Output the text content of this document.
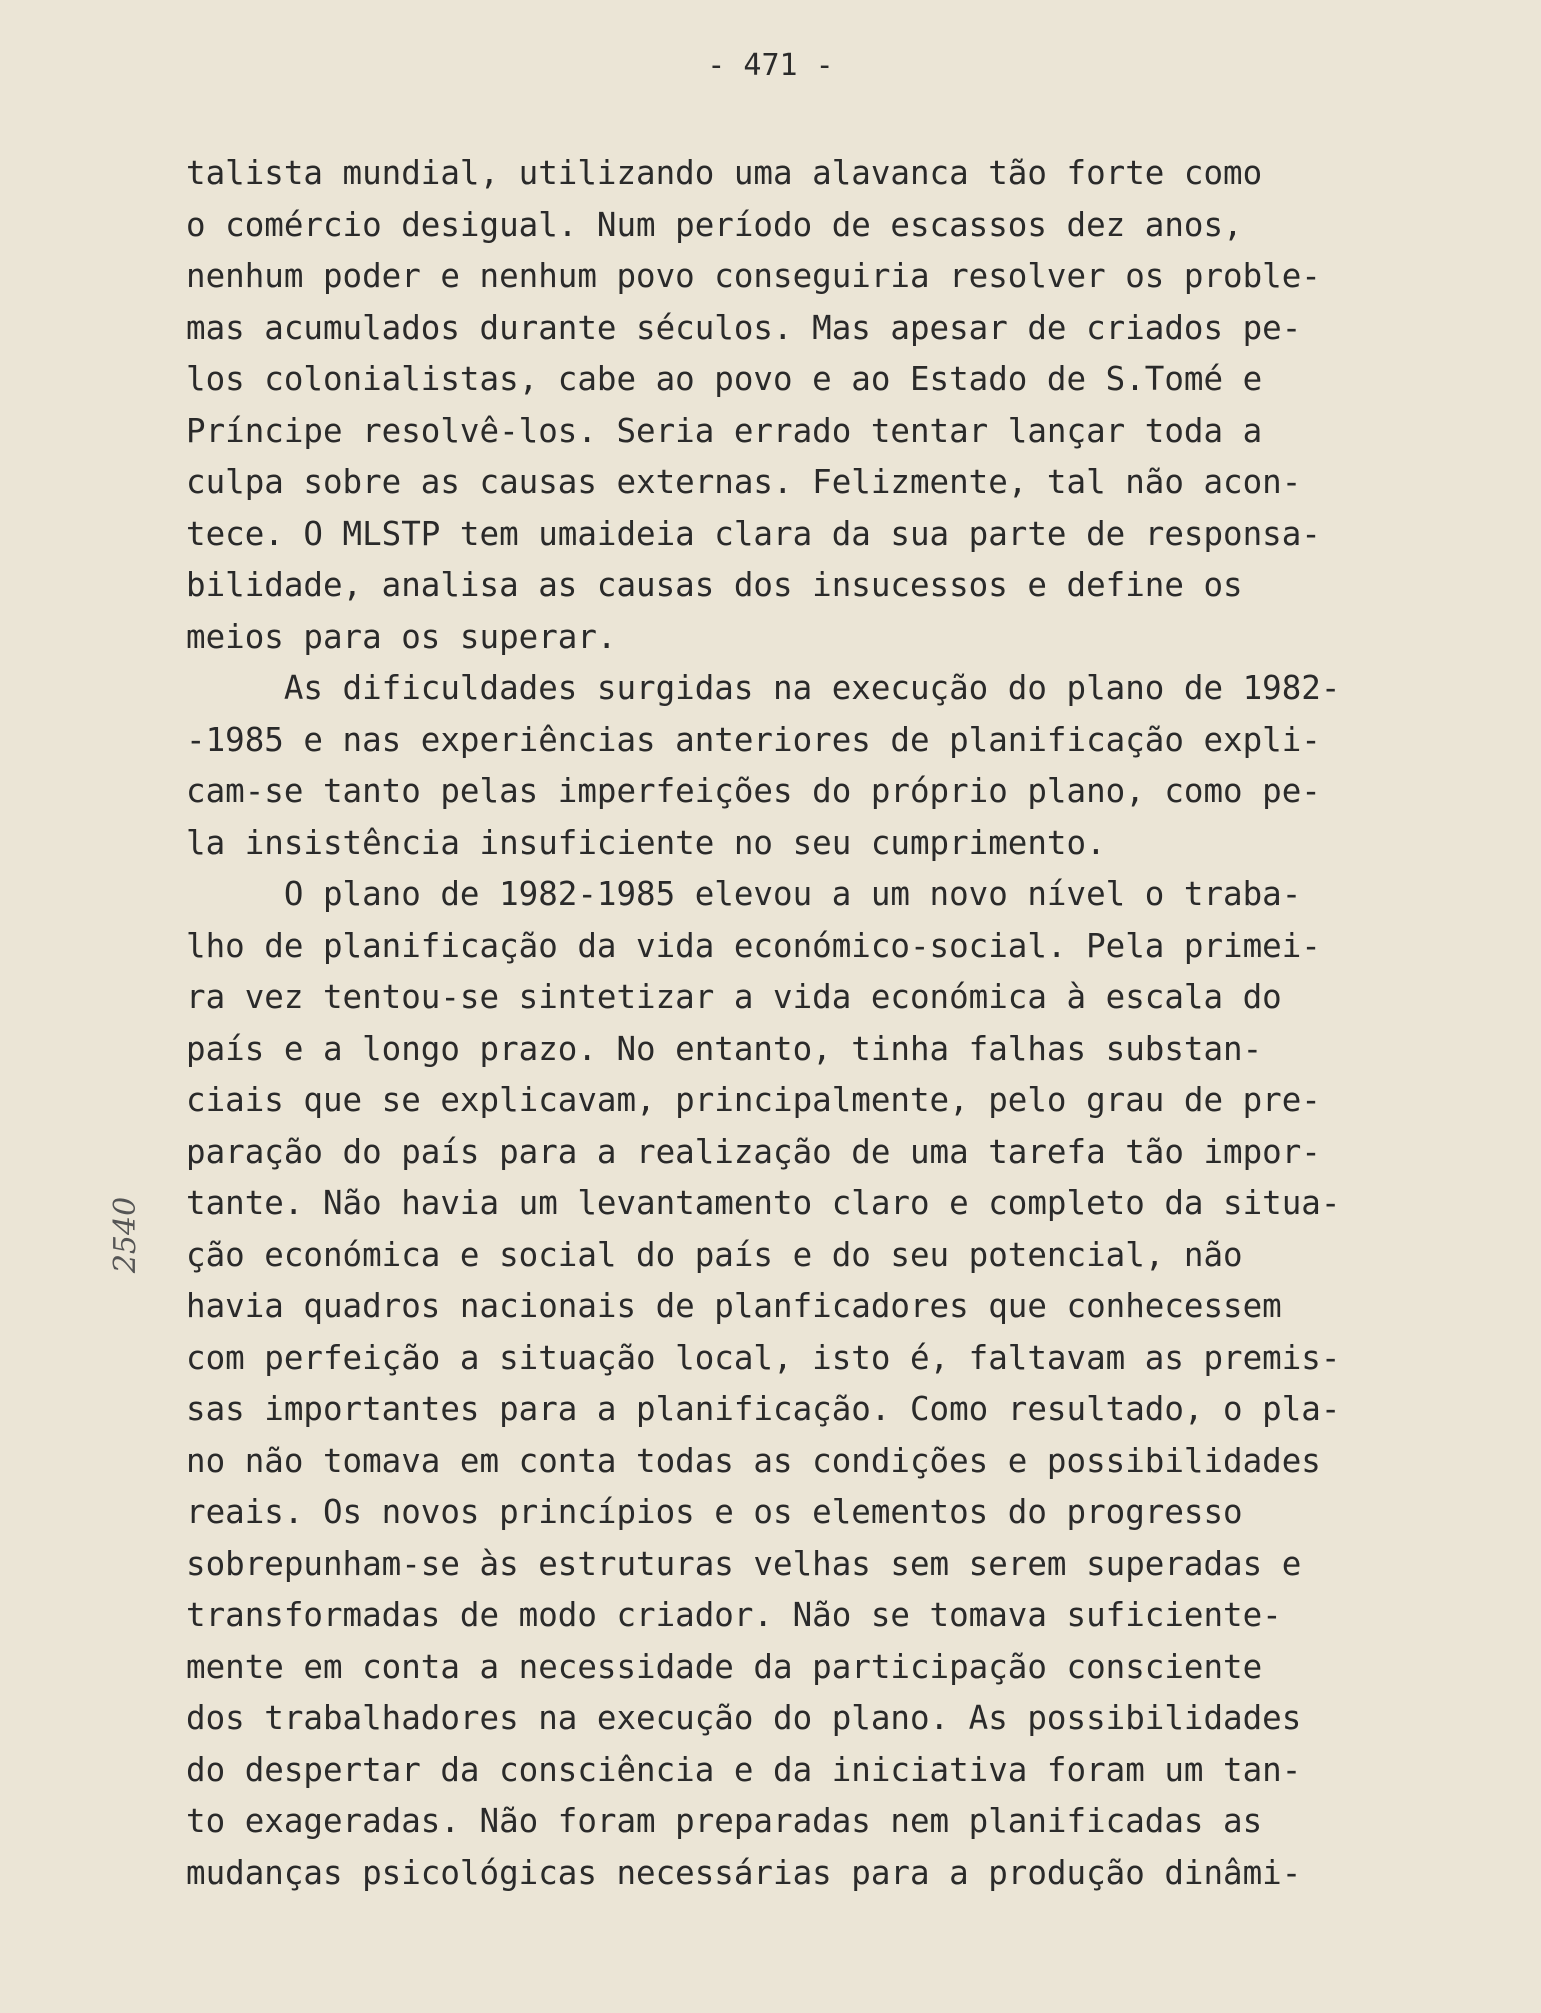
- 471 -
2540
talista mundial, utilizando uma alavanca tão forte como
o comércio desigual. Num período de escassos dez anos,
nenhum poder e nenhum povo conseguiria resolver os proble-
mas acumulados durante séculos. Mas apesar de criados pe-
los colonialistas, cabe ao povo e ao Estado de S.Tomé e
Príncipe resolvê-los. Seria errado tentar lançar toda a
culpa sobre as causas externas. Felizmente, tal não acon-
tece. O MLSTP tem umaideia clara da sua parte de responsa-
bilidade, analisa as causas dos insucessos e define os
meios para os superar.
As dificuldades surgidas na execução do plano de 1982-
-1985 e nas experiências anteriores de planificação expli-
cam-se tanto pelas imperfeições do próprio plano, como pe-
la insistência insuficiente no seu cumprimento.
O plano de 1982-1985 elevou a um novo nível o traba-
lho de planificação da vida económico-social. Pela primei-
ra vez tentou-se sintetizar a vida económica à escala do
país e a longo prazo. No entanto, tinha falhas substan-
ciais que se explicavam, principalmente, pelo grau de pre-
paração do país para a realização de uma tarefa tão impor-
tante. Não havia um levantamento claro e completo da situa-
ção económica e social do país e do seu potencial, não
havia quadros nacionais de planficadores que conhecessem
com perfeição a situação local, isto é, faltavam as premis-
sas importantes para a planificação. Como resultado, o pla-
no não tomava em conta todas as condições e possibilidades
reais. Os novos princípios e os elementos do progresso
sobrepunham-se às estruturas velhas sem serem superadas e
transformadas de modo criador. Não se tomava suficiente-
mente em conta a necessidade da participação consciente
dos trabalhadores na execução do plano. As possibilidades
do despertar da consciência e da iniciativa foram um tan-
to exageradas. Não foram preparadas nem planificadas as
mudanças psicológicas necessárias para a produção dinâmi-
